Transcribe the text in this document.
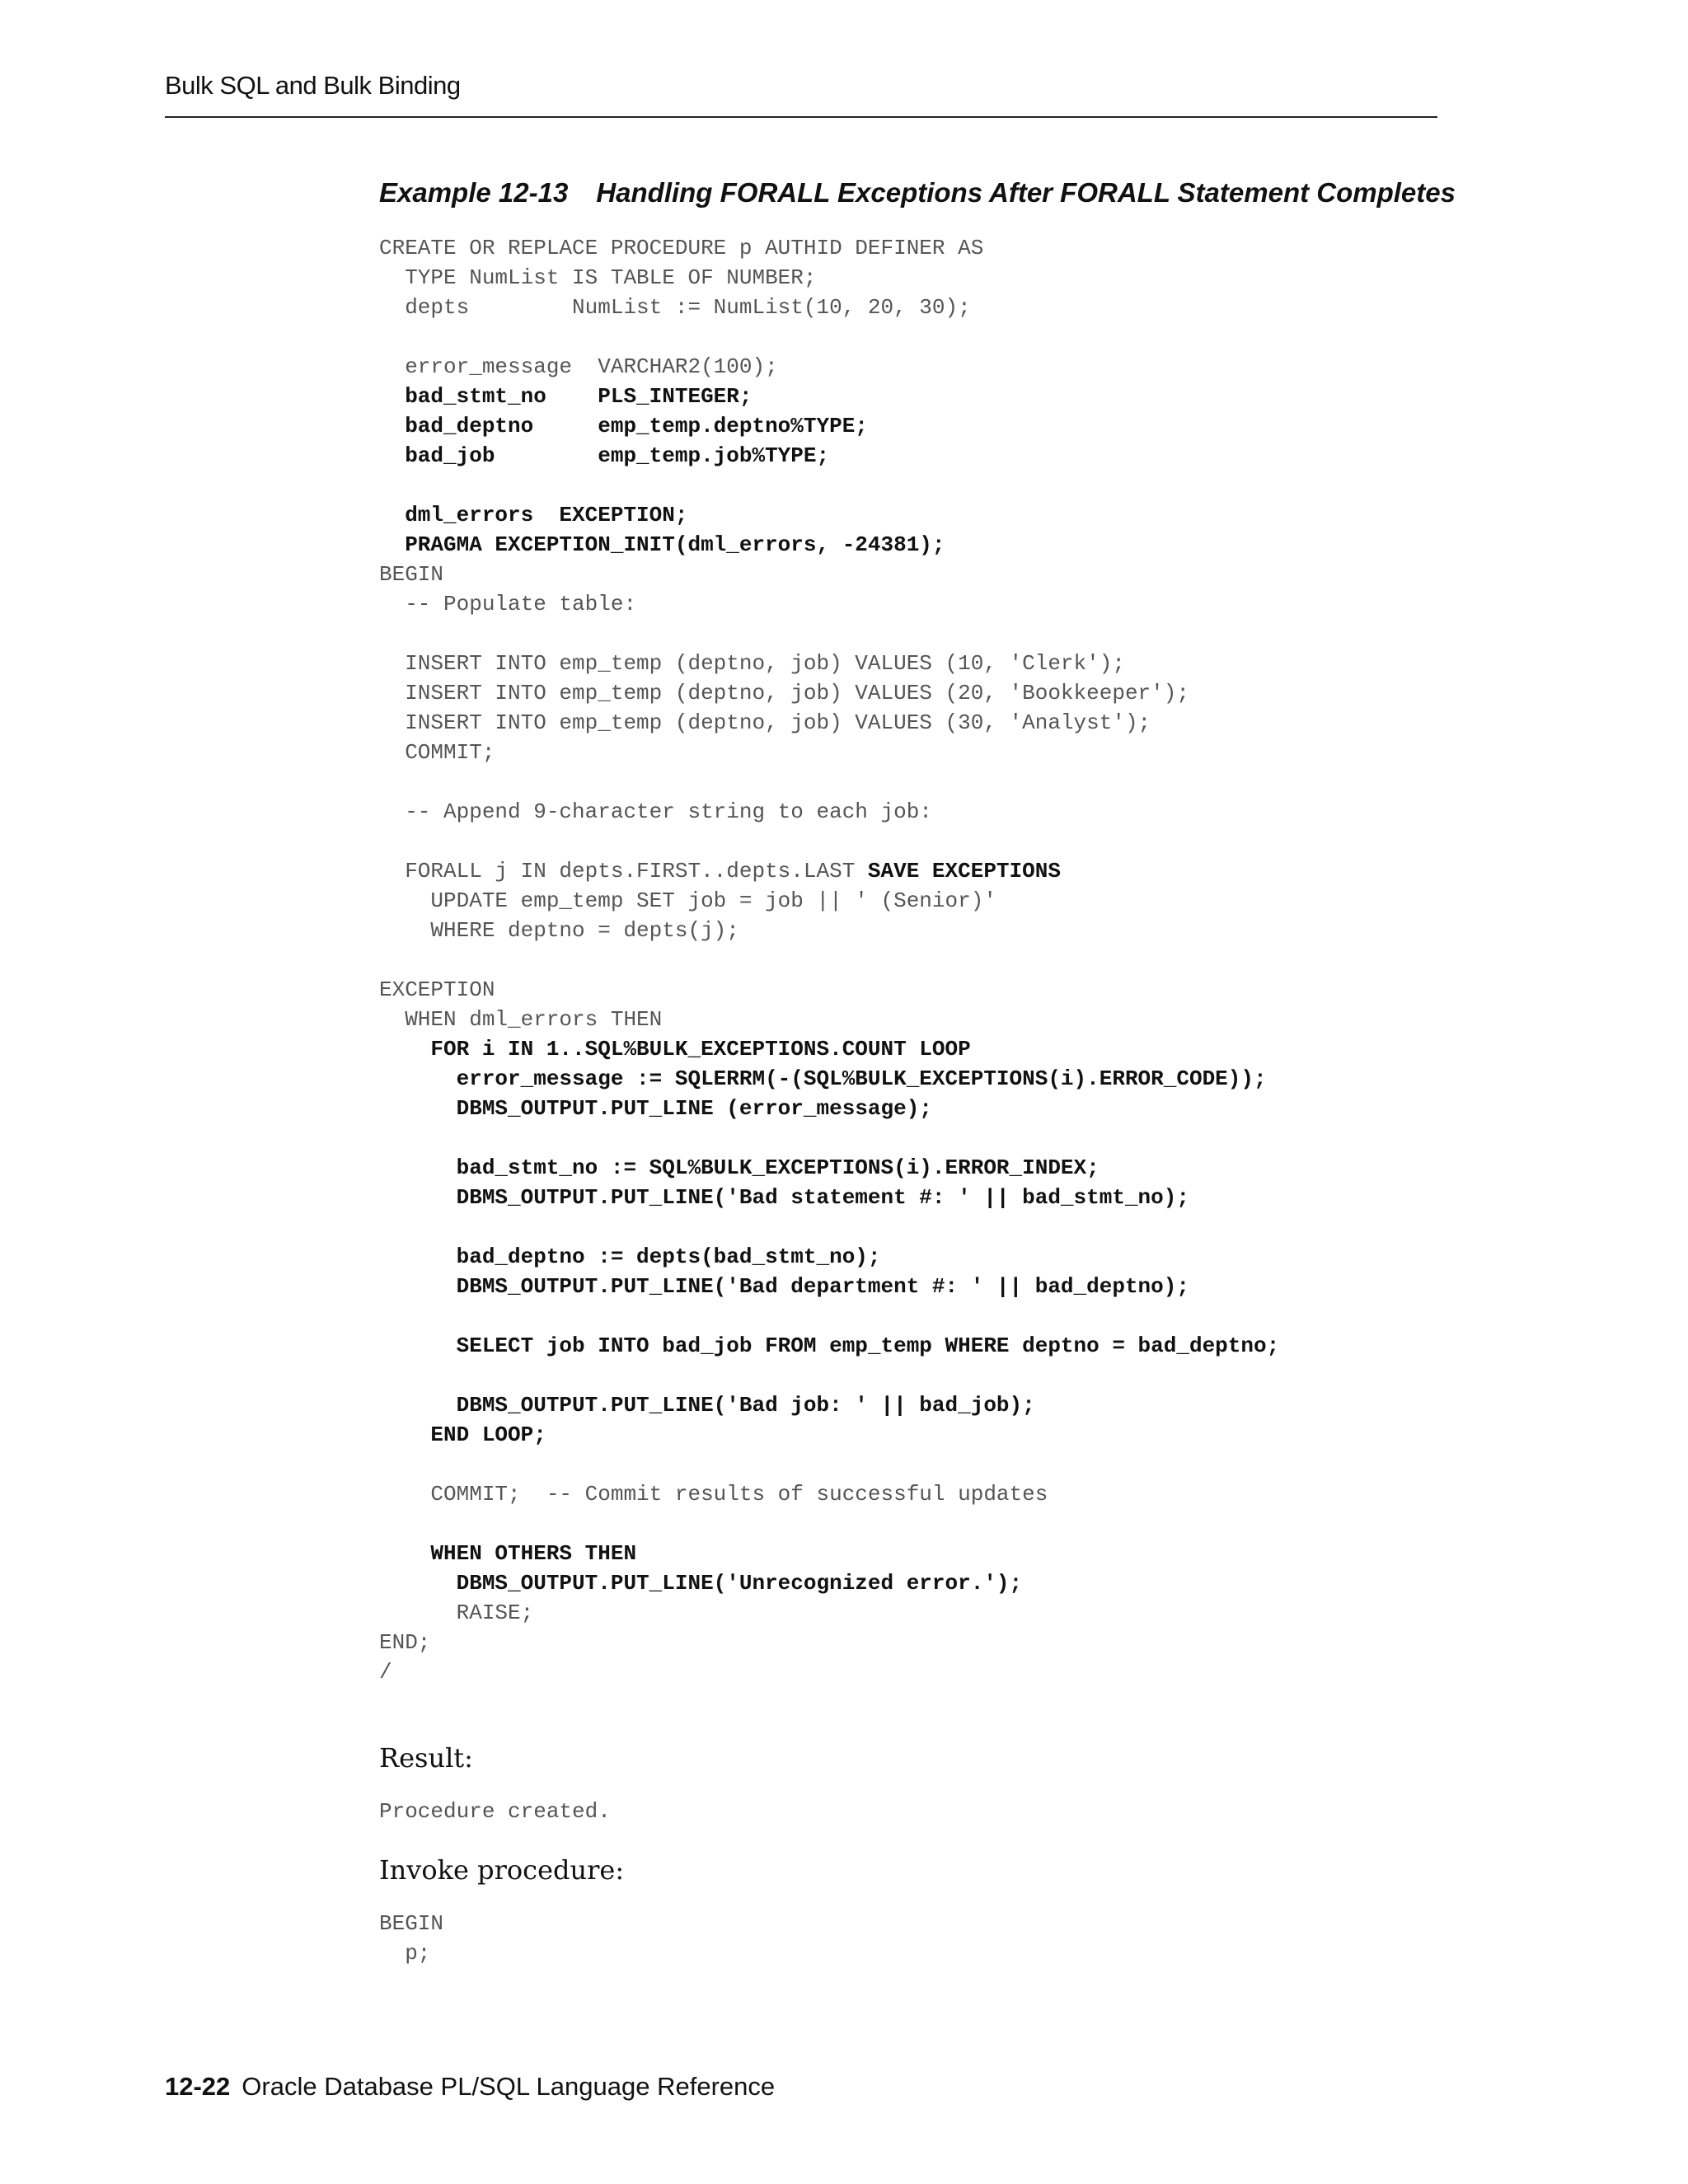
Bulk SQL and Bulk Binding
Example 12-13 Handling FORALL Exceptions After FORALL Statement Completes
CREATE OR REPLACE PROCEDURE p AUTHID DEFINER AS
TYPE NumList IS TABLE OF NUMBER;
depts        NumList := NumList(10, 20, 30);

error_message  VARCHAR2(100);
bad_stmt_no    PLS_INTEGER;
bad_deptno     emp_temp.deptno%TYPE;
bad_job        emp_temp.job%TYPE;

dml_errors  EXCEPTION;
PRAGMA EXCEPTION_INIT(dml_errors, -24381);
BEGIN
-- Populate table:

INSERT INTO emp_temp (deptno, job) VALUES (10, 'Clerk');
INSERT INTO emp_temp (deptno, job) VALUES (20, 'Bookkeeper');
INSERT INTO emp_temp (deptno, job) VALUES (30, 'Analyst');
COMMIT;

-- Append 9-character string to each job:

FORALL j IN depts.FIRST..depts.LAST SAVE EXCEPTIONS
UPDATE emp_temp SET job = job || ' (Senior)'
WHERE deptno = depts(j);

EXCEPTION
WHEN dml_errors THEN
FOR i IN 1..SQL%BULK_EXCEPTIONS.COUNT LOOP
error_message := SQLERRM(-(SQL%BULK_EXCEPTIONS(i).ERROR_CODE));
DBMS_OUTPUT.PUT_LINE (error_message);

bad_stmt_no := SQL%BULK_EXCEPTIONS(i).ERROR_INDEX;
DBMS_OUTPUT.PUT_LINE('Bad statement #: ' || bad_stmt_no);

bad_deptno := depts(bad_stmt_no);
DBMS_OUTPUT.PUT_LINE('Bad department #: ' || bad_deptno);

SELECT job INTO bad_job FROM emp_temp WHERE deptno = bad_deptno;

DBMS_OUTPUT.PUT_LINE('Bad job: ' || bad_job);
END LOOP;

COMMIT;  -- Commit results of successful updates

WHEN OTHERS THEN
DBMS_OUTPUT.PUT_LINE('Unrecognized error.');
RAISE;
END;
/
Result:
Procedure created.
Invoke procedure:
BEGIN
p;
12-22 Oracle Database PL/SQL Language Reference
